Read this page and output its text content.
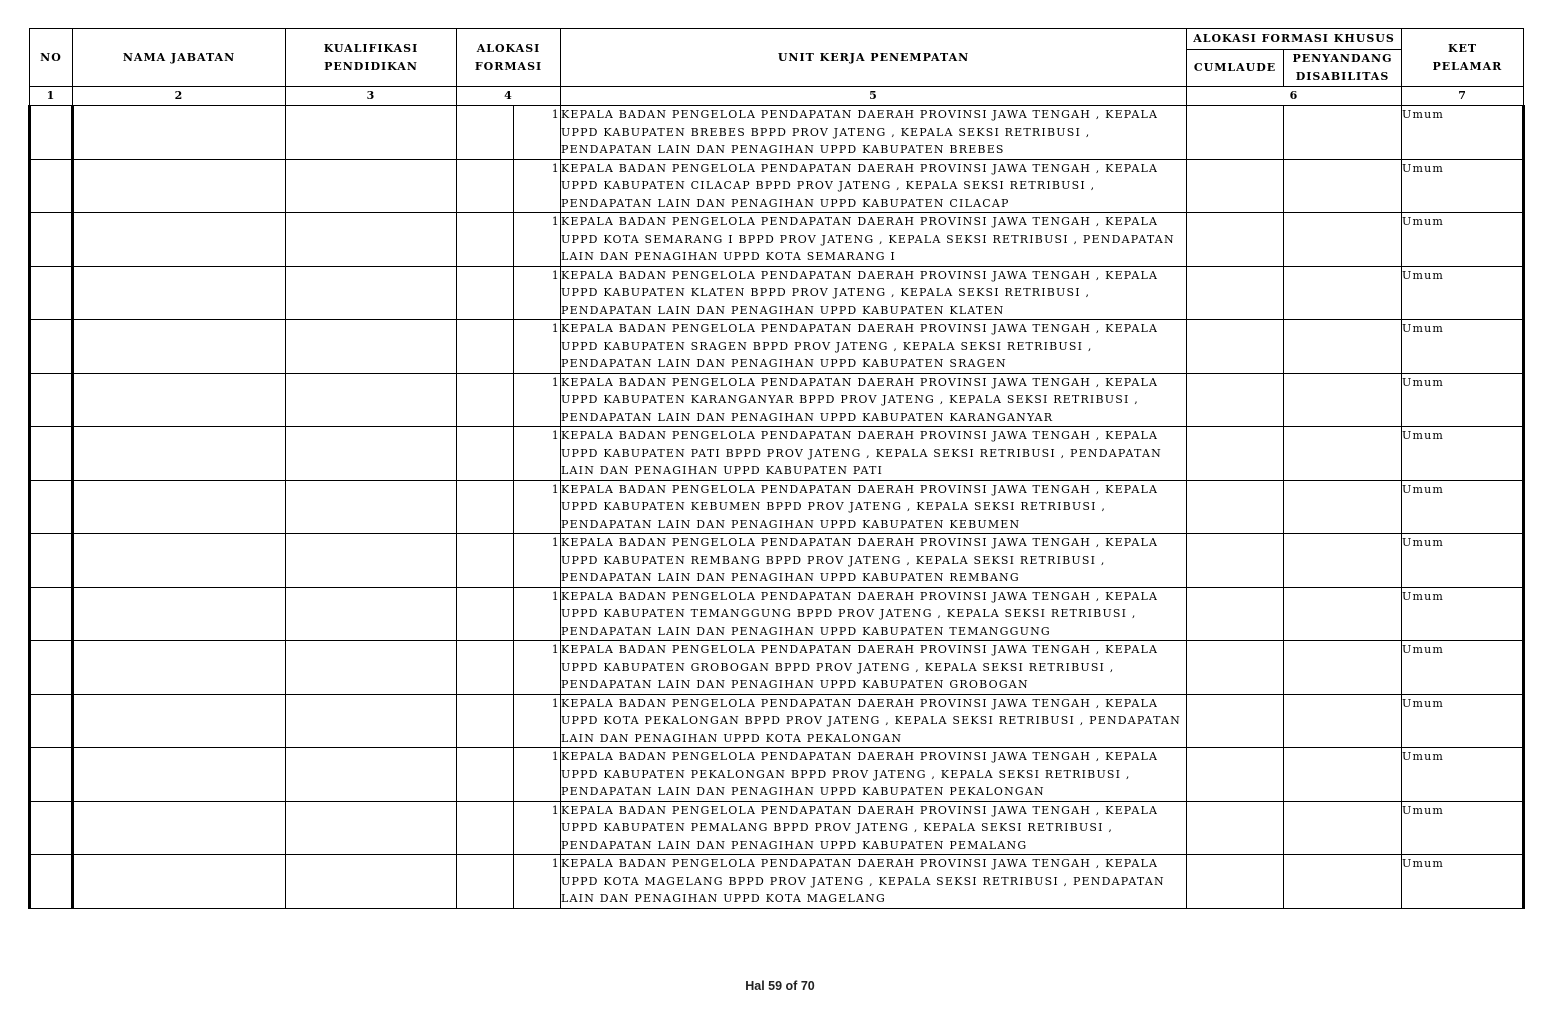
NO	NAMA JABATAN	KUALIFIKASI PENDIDIKAN	ALOKASI FORMASI		UNIT KERJA PENEMPATAN	ALOKASI FORMASI KHUSUS		KET PELAMAR

						CUMLAUDE	PENYANDANG DISABILITAS	

1	2	3	4		5	6		7
				1	KEPALA BADAN PENGELOLA PENDAPATAN DAERAH PROVINSI JAWA TENGAH , KEPALA UPPD KABUPATEN BREBES BPPD PROV JATENG , KEPALA SEKSI RETRIBUSI , PENDAPATAN LAIN DAN PENAGIHAN UPPD KABUPATEN BREBES			Umum
				1	KEPALA BADAN PENGELOLA PENDAPATAN DAERAH PROVINSI JAWA TENGAH , KEPALA UPPD KABUPATEN CILACAP BPPD PROV JATENG , KEPALA SEKSI RETRIBUSI , PENDAPATAN LAIN DAN PENAGIHAN UPPD KABUPATEN CILACAP			Umum
				1	KEPALA BADAN PENGELOLA PENDAPATAN DAERAH PROVINSI JAWA TENGAH , KEPALA UPPD KOTA SEMARANG I BPPD PROV JATENG , KEPALA SEKSI RETRIBUSI , PENDAPATAN LAIN DAN PENAGIHAN UPPD KOTA SEMARANG I			Umum
				1	KEPALA BADAN PENGELOLA PENDAPATAN DAERAH PROVINSI JAWA TENGAH , KEPALA UPPD KABUPATEN KLATEN BPPD PROV JATENG , KEPALA SEKSI RETRIBUSI , PENDAPATAN LAIN DAN PENAGIHAN UPPD KABUPATEN KLATEN			Umum
				1	KEPALA BADAN PENGELOLA PENDAPATAN DAERAH PROVINSI JAWA TENGAH , KEPALA UPPD KABUPATEN SRAGEN BPPD PROV JATENG , KEPALA SEKSI RETRIBUSI , PENDAPATAN LAIN DAN PENAGIHAN UPPD KABUPATEN SRAGEN			Umum
				1	KEPALA BADAN PENGELOLA PENDAPATAN DAERAH PROVINSI JAWA TENGAH , KEPALA UPPD KABUPATEN KARANGANYAR BPPD PROV JATENG , KEPALA SEKSI RETRIBUSI , PENDAPATAN LAIN DAN PENAGIHAN UPPD KABUPATEN KARANGANYAR			Umum
				1	KEPALA BADAN PENGELOLA PENDAPATAN DAERAH PROVINSI JAWA TENGAH , KEPALA UPPD KABUPATEN PATI BPPD PROV JATENG , KEPALA SEKSI RETRIBUSI , PENDAPATAN LAIN DAN PENAGIHAN UPPD KABUPATEN PATI			Umum
				1	KEPALA BADAN PENGELOLA PENDAPATAN DAERAH PROVINSI JAWA TENGAH , KEPALA UPPD KABUPATEN KEBUMEN BPPD PROV JATENG , KEPALA SEKSI RETRIBUSI , PENDAPATAN LAIN DAN PENAGIHAN UPPD KABUPATEN KEBUMEN			Umum
				1	KEPALA BADAN PENGELOLA PENDAPATAN DAERAH PROVINSI JAWA TENGAH , KEPALA UPPD KABUPATEN REMBANG BPPD PROV JATENG , KEPALA SEKSI RETRIBUSI , PENDAPATAN LAIN DAN PENAGIHAN UPPD KABUPATEN REMBANG			Umum
				1	KEPALA BADAN PENGELOLA PENDAPATAN DAERAH PROVINSI JAWA TENGAH , KEPALA UPPD KABUPATEN TEMANGGUNG BPPD PROV JATENG , KEPALA SEKSI RETRIBUSI , PENDAPATAN LAIN DAN PENAGIHAN UPPD KABUPATEN TEMANGGUNG			Umum
				1	KEPALA BADAN PENGELOLA PENDAPATAN DAERAH PROVINSI JAWA TENGAH , KEPALA UPPD KABUPATEN GROBOGAN BPPD PROV JATENG , KEPALA SEKSI RETRIBUSI , PENDAPATAN LAIN DAN PENAGIHAN UPPD KABUPATEN GROBOGAN			Umum
				1	KEPALA BADAN PENGELOLA PENDAPATAN DAERAH PROVINSI JAWA TENGAH , KEPALA UPPD KOTA PEKALONGAN BPPD PROV JATENG , KEPALA SEKSI RETRIBUSI , PENDAPATAN LAIN DAN PENAGIHAN UPPD KOTA PEKALONGAN			Umum
				1	KEPALA BADAN PENGELOLA PENDAPATAN DAERAH PROVINSI JAWA TENGAH , KEPALA UPPD KABUPATEN PEKALONGAN BPPD PROV JATENG , KEPALA SEKSI RETRIBUSI , PENDAPATAN LAIN DAN PENAGIHAN UPPD KABUPATEN PEKALONGAN			Umum
				1	KEPALA BADAN PENGELOLA PENDAPATAN DAERAH PROVINSI JAWA TENGAH , KEPALA UPPD KABUPATEN PEMALANG BPPD PROV JATENG , KEPALA SEKSI RETRIBUSI , PENDAPATAN LAIN DAN PENAGIHAN UPPD KABUPATEN PEMALANG			Umum
				1	KEPALA BADAN PENGELOLA PENDAPATAN DAERAH PROVINSI JAWA TENGAH , KEPALA UPPD KOTA MAGELANG BPPD PROV JATENG , KEPALA SEKSI RETRIBUSI , PENDAPATAN LAIN DAN PENAGIHAN UPPD KOTA MAGELANG			Umum
Hal 59 of 70
